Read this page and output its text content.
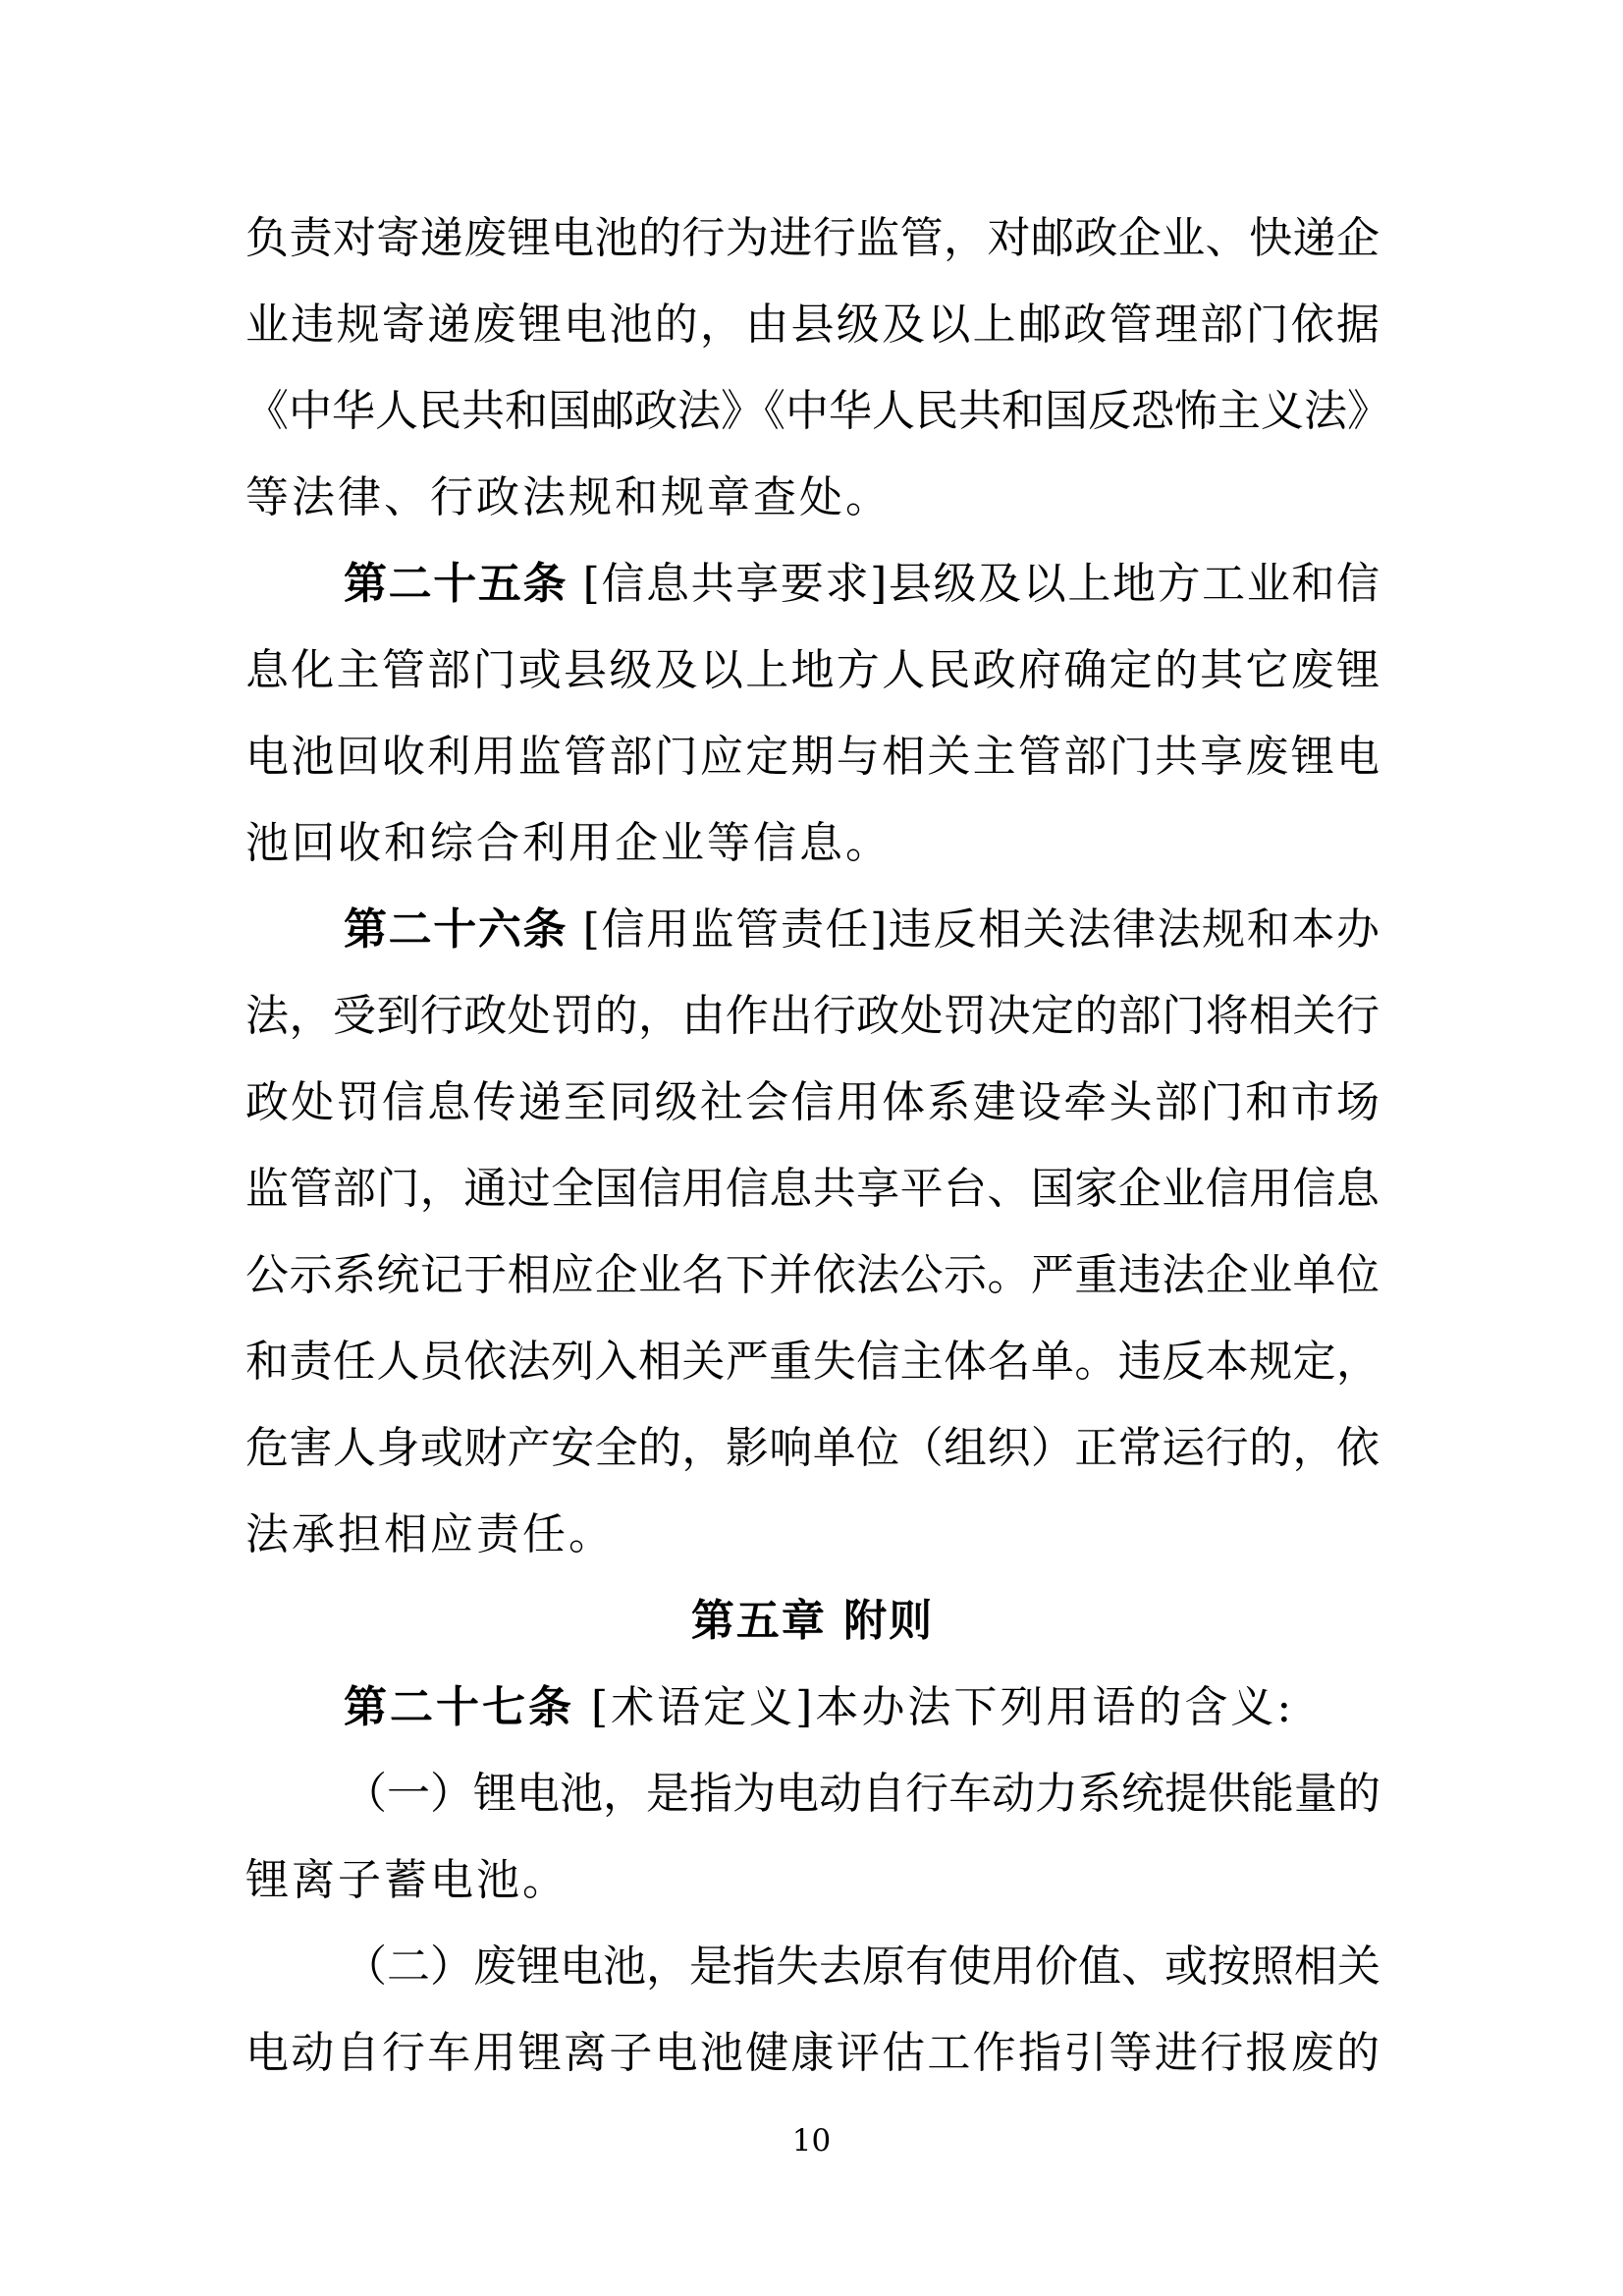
负责对寄递废锂电池的行为进行监管，对邮政企业、快递企
业违规寄递废锂电池的，由县级及以上邮政管理部门依据
《中华人民共和国邮政法》《中华人民共和国反恐怖主义法》
等法律、行政法规和规章查处。
第二十五条 [信息共享要求]县级及以上地方工业和信
息化主管部门或县级及以上地方人民政府确定的其它废锂
电池回收利用监管部门应定期与相关主管部门共享废锂电
池回收和综合利用企业等信息。
第二十六条 [信用监管责任]违反相关法律法规和本办
法，受到行政处罚的，由作出行政处罚决定的部门将相关行
政处罚信息传递至同级社会信用体系建设牵头部门和市场
监管部门，通过全国信用信息共享平台、国家企业信用信息
公示系统记于相应企业名下并依法公示。严重违法企业单位
和责任人员依法列入相关严重失信主体名单。违反本规定，
危害人身或财产安全的，影响单位（组织）正常运行的，依
法承担相应责任。
第五章 附则
第二十七条 [术语定义]本办法下列用语的含义:
（一）锂电池，是指为电动自行车动力系统提供能量的
锂离子蓄电池。
（二）废锂电池，是指失去原有使用价值、或按照相关
电动自行车用锂离子电池健康评估工作指引等进行报废的
10
